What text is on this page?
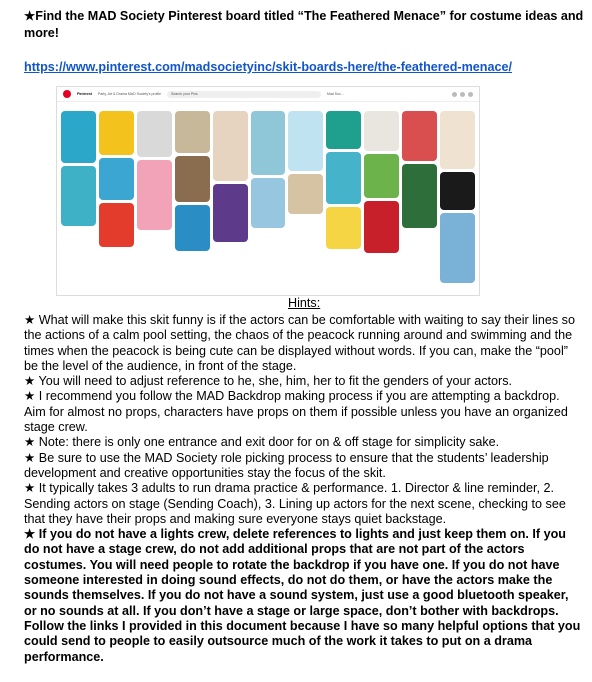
★Find the MAD Society Pinterest board titled “The Feathered Menace” for costume ideas and more!

https://www.pinterest.com/madsocietyinc/skit-boards-here/the-feathered-menace/
Pinterest Party, Art & Drama MAD Society's profile	Search your Pins	Mad Soc...

Hints:

★ What will make this skit funny is if the actors can be comfortable with waiting to say their lines so the actions of a calm pool setting, the chaos of the peacock running around and swimming and the times when the peacock is being cute can be displayed without words. If you can, make the “pool” be the level of the audience, in front of the stage.

★ You will need to adjust reference to he, she, him, her to fit the genders of your actors.

★ I recommend you follow the MAD Backdrop making process if you are attempting a backdrop. Aim for almost no props, characters have props on them if possible unless you have an organized stage crew.

★ Note: there is only one entrance and exit door for on & off stage for simplicity sake.

★ Be sure to use the MAD Society role picking process to ensure that the students’ leadership development and creative opportunities stay the focus of the skit.

★ It typically takes 3 adults to run drama practice & performance. 1. Director & line reminder, 2. Sending actors on stage (Sending Coach), 3. Lining up actors for the next scene, checking to see that they have their props and making sure everyone stays quiet backstage.

★ If you do not have a lights crew, delete references to lights and just keep them on. If you do not have a stage crew, do not add additional props that are not part of the actors costumes. You will need people to rotate the backdrop if you have one. If you do not have someone interested in doing sound effects, do not do them, or have the actors make the sounds themselves. If you do not have a sound system, just use a good bluetooth speaker, or no sounds at all. If you don’t have a stage or large space, don’t bother with backdrops. Follow the links I provided in this document because I have so many helpful options that you could send to people to easily outsource much of the work it takes to put on a drama performance.
